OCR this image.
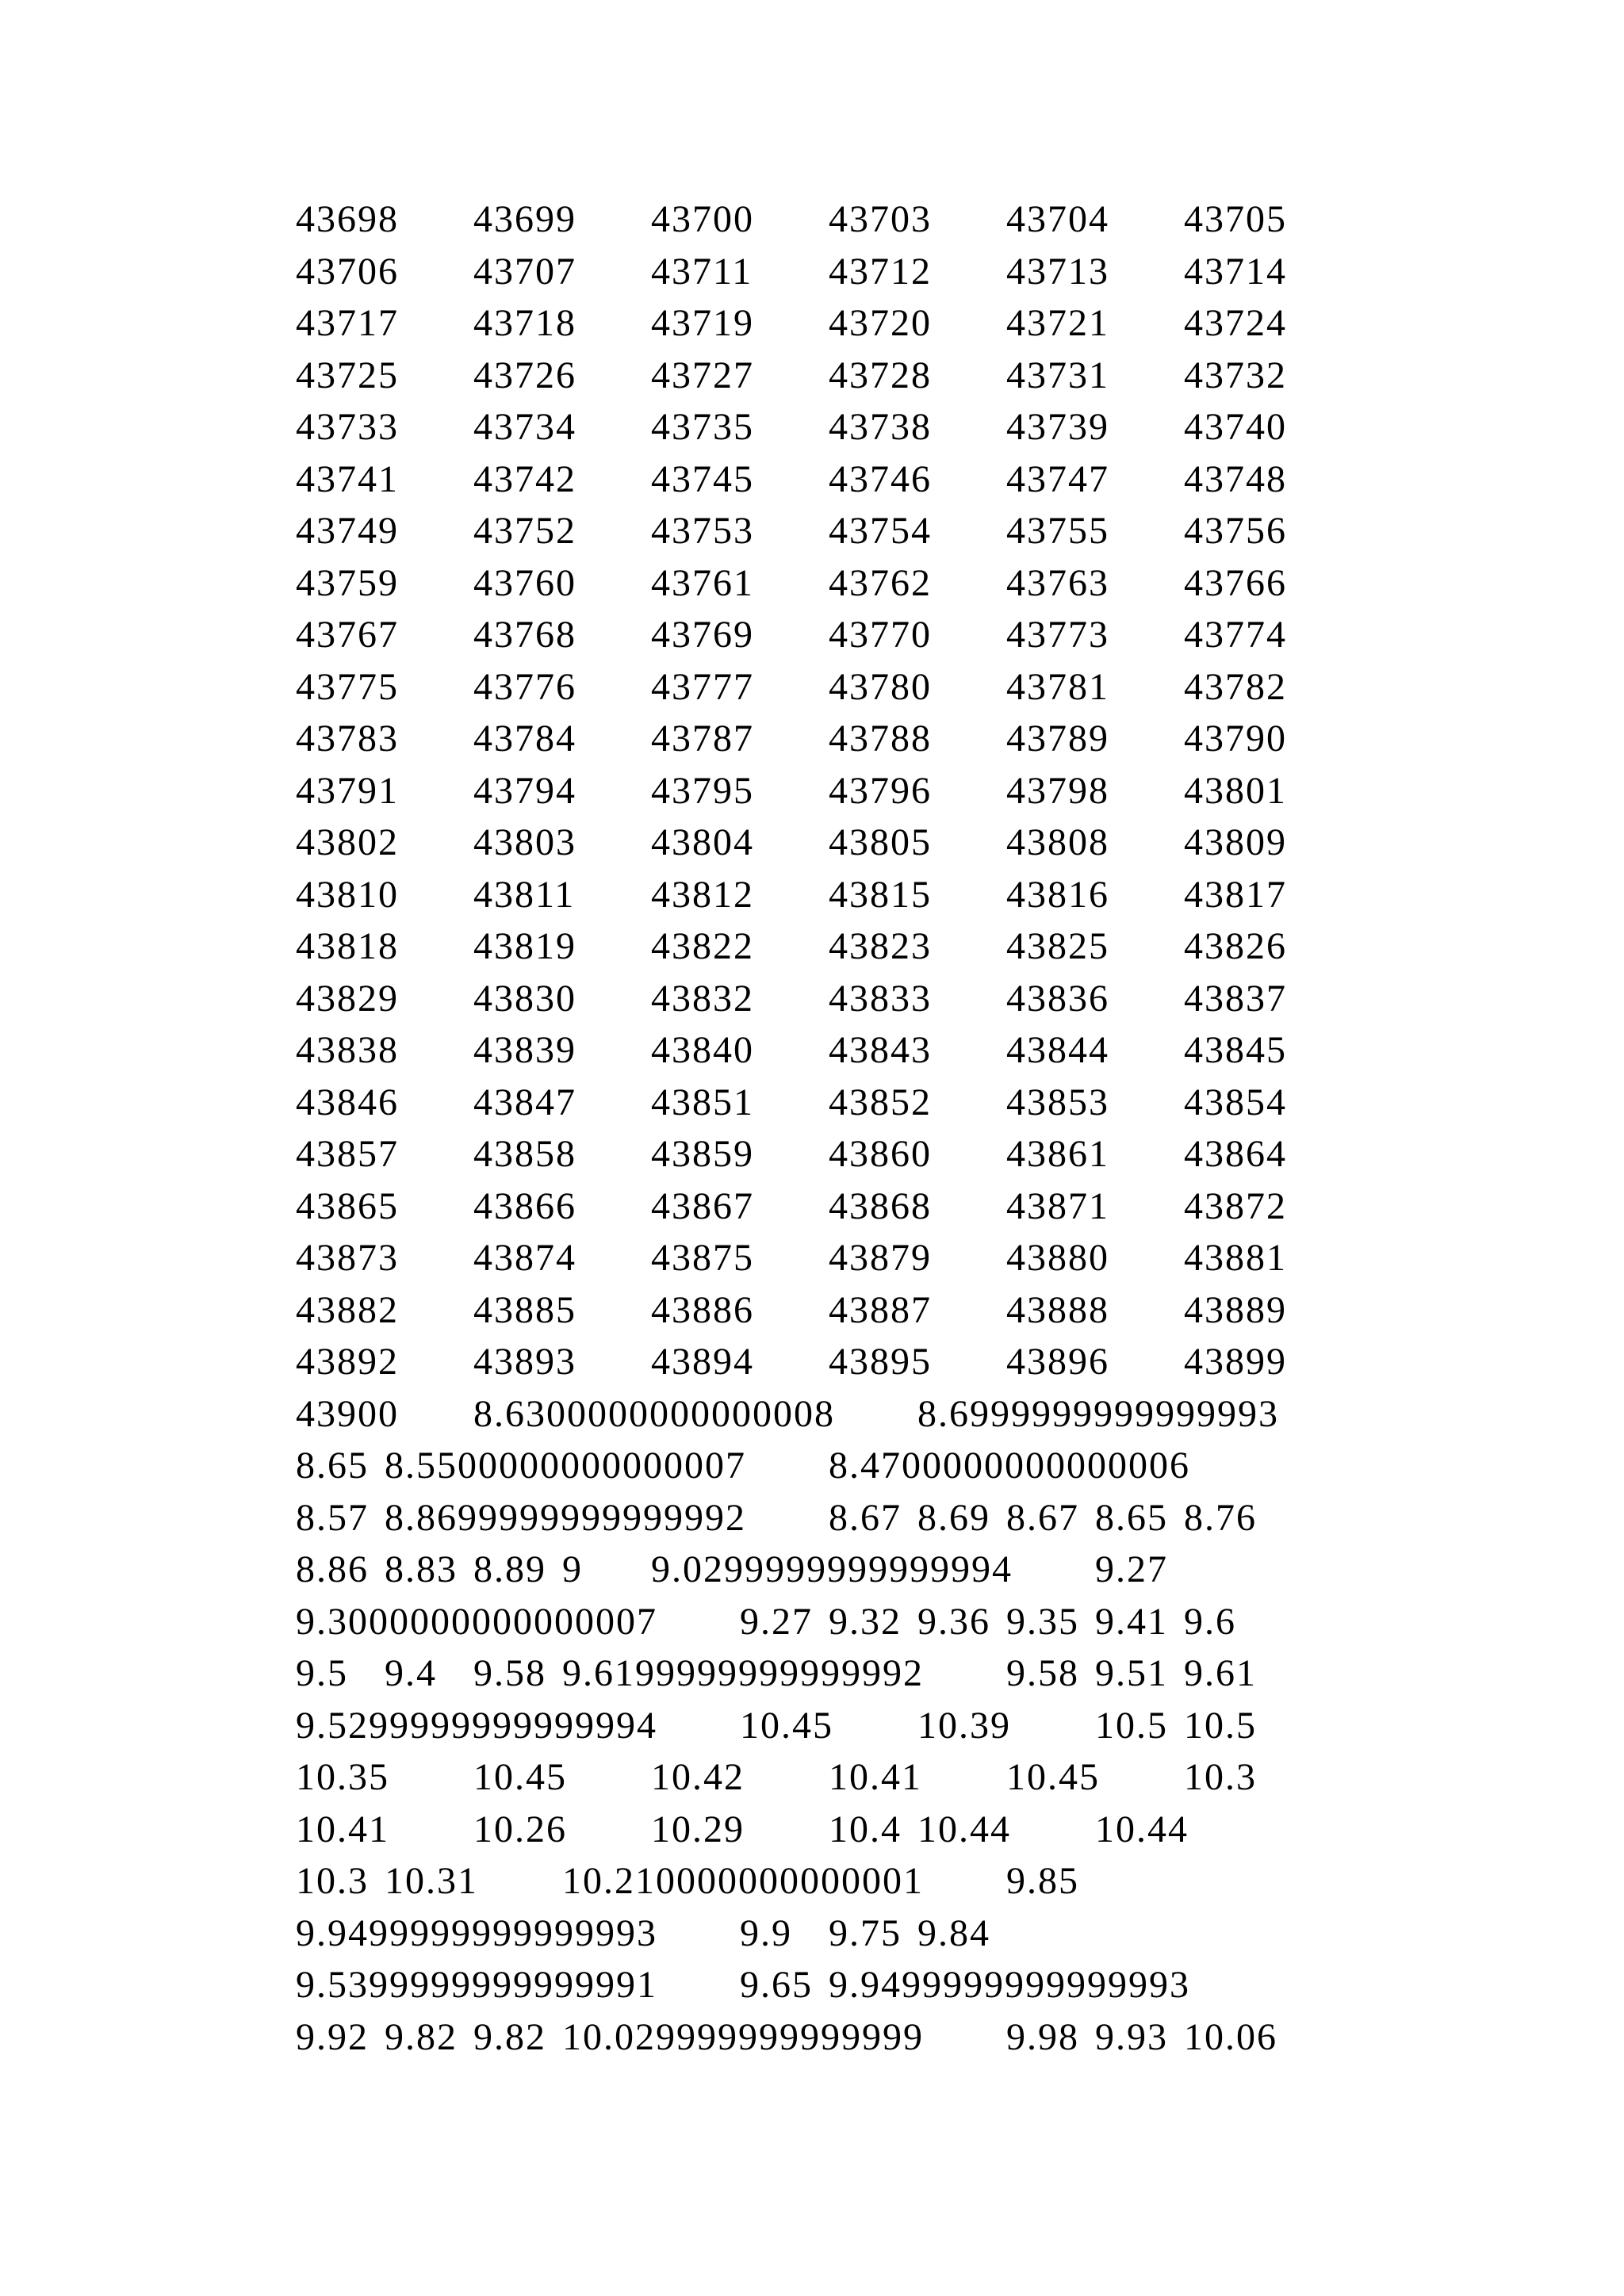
43698	43699	43700	43703	43704	43705
43706	43707	43711	43712	43713	43714
43717	43718	43719	43720	43721	43724
43725	43726	43727	43728	43731	43732
43733	43734	43735	43738	43739	43740
43741	43742	43745	43746	43747	43748
43749	43752	43753	43754	43755	43756
43759	43760	43761	43762	43763	43766
43767	43768	43769	43770	43773	43774
43775	43776	43777	43780	43781	43782
43783	43784	43787	43788	43789	43790
43791	43794	43795	43796	43798	43801
43802	43803	43804	43805	43808	43809
43810	43811	43812	43815	43816	43817
43818	43819	43822	43823	43825	43826
43829	43830	43832	43833	43836	43837
43838	43839	43840	43843	43844	43845
43846	43847	43851	43852	43853	43854
43857	43858	43859	43860	43861	43864
43865	43866	43867	43868	43871	43872
43873	43874	43875	43879	43880	43881
43882	43885	43886	43887	43888	43889
43892	43893	43894	43895	43896	43899
43900	8.6300000000000008	8.6999999999999993
8.65	8.5500000000000007	8.4700000000000006
8.57	8.8699999999999992	8.67	8.69	8.67	8.65	8.76
8.86	8.83	8.89	9	9.0299999999999994	9.27
9.3000000000000007	9.27	9.32	9.36	9.35	9.41	9.6
9.5	9.4	9.58	9.6199999999999992	9.58	9.51	9.61
9.5299999999999994	10.45	10.39	10.5	10.5
10.35	10.45	10.42	10.41	10.45	10.3
10.41	10.26	10.29	10.4	10.44	10.44
10.3	10.31	10.210000000000001	9.85
9.9499999999999993	9.9	9.75	9.84
9.5399999999999991	9.65	9.9499999999999993
9.92	9.82	9.82	10.029999999999999	9.98	9.93	10.06
